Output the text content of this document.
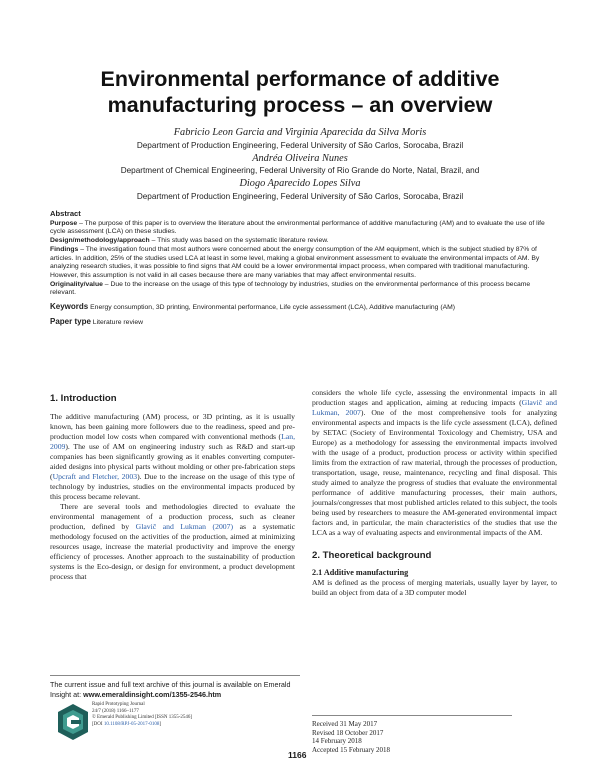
Environmental performance of additive manufacturing process – an overview
Fabricio Leon Garcia and Virginia Aparecida da Silva Moris
Department of Production Engineering, Federal University of São Carlos, Sorocaba, Brazil
Andréa Oliveira Nunes
Department of Chemical Engineering, Federal University of Rio Grande do Norte, Natal, Brazil, and
Diogo Aparecido Lopes Silva
Department of Production Engineering, Federal University of São Carlos, Sorocaba, Brazil
Abstract

Purpose – The purpose of this paper is to overview the literature about the environmental performance of additive manufacturing (AM) and to evaluate the use of life cycle assessment (LCA) on these studies.

Design/methodology/approach – This study was based on the systematic literature review.

Findings – The investigation found that most authors were concerned about the energy consumption of the AM equipment, which is the subject studied by 87% of articles. In addition, 25% of the studies used LCA at least in some level, making a global environment assessment to evaluate the environmental impacts of AM. By analyzing research studies, it was possible to find signs that AM could be a lower environmental impact process, when compared with traditional manufacturing. However, this assumption is not valid in all cases because there are many variables that may affect environmental results.

Originality/value – Due to the increase on the usage of this type of technology by industries, studies on the environmental performance of this process became relevant.

Keywords Energy consumption, 3D printing, Environmental performance, Life cycle assessment (LCA), Additive manufacturing (AM)
Paper type Literature review
1. Introduction

The additive manufacturing (AM) process, or 3D printing, as it is usually known, has been gaining more followers due to the readiness, speed and pre-production model low costs when compared with conventional methods (Lan, 2009). The use of AM on engineering industry such as R&D and start-up companies has been significantly growing as it enables converting computer-aided designs into physical parts without molding or other pre-fabrication steps (Upcraft and Fletcher, 2003). Due to the increase on the usage of this type of technology by industries, studies on the environmental impacts produced by this process became relevant.

There are several tools and methodologies directed to evaluate the environmental management of a production process, such as cleaner production, defined by Glavič and Lukman (2007) as a systematic methodology focused on the activities of the production, aimed at minimizing resources usage, increase the material productivity and improve the energy efficiency of processes. Another approach to the sustainability of production systems is the Eco-design, or design for environment, a product development process that

considers the whole life cycle, assessing the environmental impacts in all production stages and application, aiming at reducing impacts (Glavič and Lukman, 2007). One of the most comprehensive tools for analyzing environmental aspects and impacts is the life cycle assessment (LCA), defined by SETAC (Society of Environmental Toxicology and Chemistry, USA and Europe) as a methodology for assessing the environmental impacts involved with the usage of a product, production process or activity within specified limits from the extraction of raw material, through the processes of production, transportation, usage, reuse, maintenance, recycling and final disposal. This study aimed to analyze the progress of studies that evaluate the environmental performance of additive manufacturing processes, their main authors, journals/congresses that most published articles related to this subject, the tools being used by researchers to measure the AM-generated environmental impact factors and, in particular, the main characteristics of the studies that use the LCA as a way of evaluating aspects and environmental impacts of the AM.

2. Theoretical background
2.1 Additive manufacturing

AM is defined as the process of merging materials, usually layer by layer, to build an object from data of a 3D computer model

The current issue and full text archive of this journal is available on Emerald Insight at: www.emeraldinsight.com/1355-2546.htm
Rapid Prototyping Journal
24/7 (2018) 1166–1177
© Emerald Publishing Limited [ISSN 1355-2546]
[DOI 10.1108/RPJ-05-2017-0108]	Received 31 May 2017
Revised 18 October 2017
14 February 2018
Accepted 15 February 2018
1166
